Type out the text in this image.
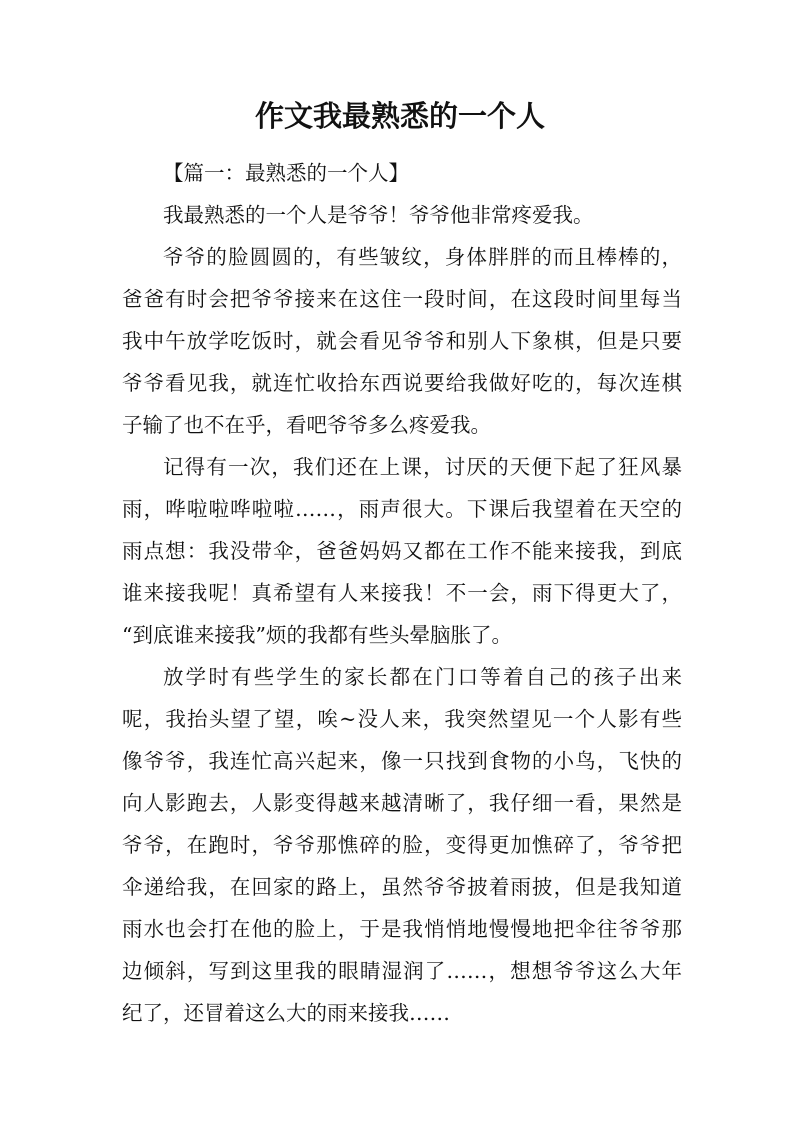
作文我最熟悉的一个人
【篇一：最熟悉的一个人】
我最熟悉的一个人是爷爷！爷爷他非常疼爱我。
爷爷的脸圆圆的，有些皱纹，身体胖胖的而且棒棒的，
爸爸有时会把爷爷接来在这住一段时间，在这段时间里每当
我中午放学吃饭时，就会看见爷爷和别人下象棋，但是只要
爷爷看见我，就连忙收拾东西说要给我做好吃的，每次连棋
子输了也不在乎，看吧爷爷多么疼爱我。
记得有一次，我们还在上课，讨厌的天便下起了狂风暴
雨，哗啦啦哗啦啦……，雨声很大。下课后我望着在天空的
雨点想：我没带伞，爸爸妈妈又都在工作不能来接我，到底
谁来接我呢！真希望有人来接我！不一会，雨下得更大了，
“到底谁来接我”烦的我都有些头晕脑胀了。
放学时有些学生的家长都在门口等着自己的孩子出来
呢，我抬头望了望，唉~没人来，我突然望见一个人影有些
像爷爷，我连忙高兴起来，像一只找到食物的小鸟，飞快的
向人影跑去，人影变得越来越清晰了，我仔细一看，果然是
爷爷，在跑时，爷爷那憔碎的脸，变得更加憔碎了，爷爷把
伞递给我，在回家的路上，虽然爷爷披着雨披，但是我知道
雨水也会打在他的脸上，于是我悄悄地慢慢地把伞往爷爷那
边倾斜，写到这里我的眼睛湿润了……，想想爷爷这么大年
纪了，还冒着这么大的雨来接我……
